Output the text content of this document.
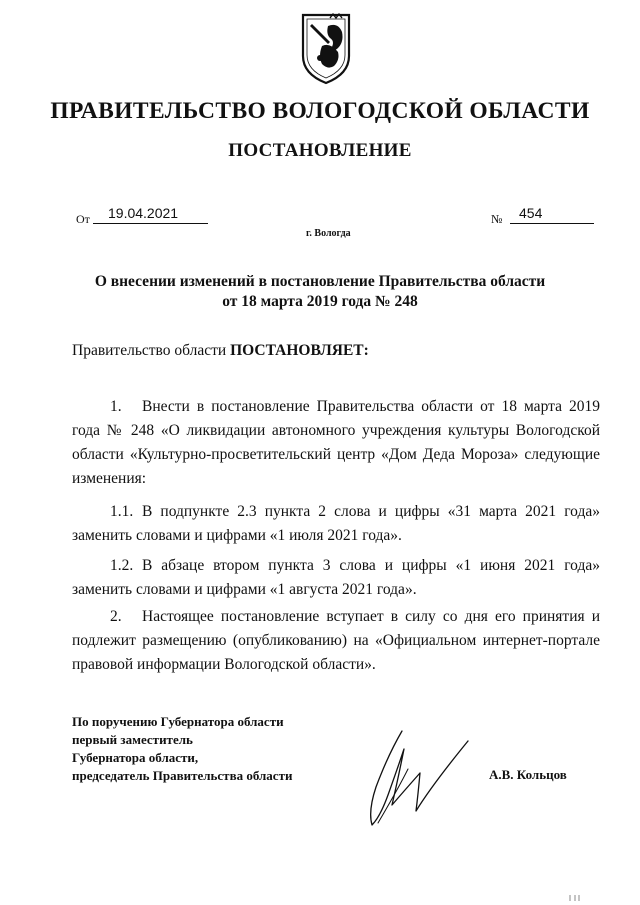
ПРАВИТЕЛЬСТВО ВОЛОГОДСКОЙ ОБЛАСТИ
ПОСТАНОВЛЕНИЕ
От 19.04.2021	№ 454
г. Вологда
О внесении изменений в постановление Правительства области
от 18 марта 2019 года № 248
Правительство области ПОСТАНОВЛЯЕТ:
1. Внести в постановление Правительства области от 18 марта 2019 года № 248 «О ликвидации автономного учреждения культуры Вологодской области «Культурно-просветительский центр «Дом Деда Мороза» следующие изменения:
1.1. В подпункте 2.3 пункта 2 слова и цифры «31 марта 2021 года» заменить словами и цифрами «1 июля 2021 года».
1.2. В абзаце втором пункта 3 слова и цифры «1 июня 2021 года» заменить словами и цифрами «1 августа 2021 года».
2. Настоящее постановление вступает в силу со дня его принятия и подлежит размещению (опубликованию) на «Официальном интернет-портале правовой информации Вологодской области».
По поручению Губернатора области
первый заместитель
Губернатора области,
председатель Правительства области	А.В. Кольцов
